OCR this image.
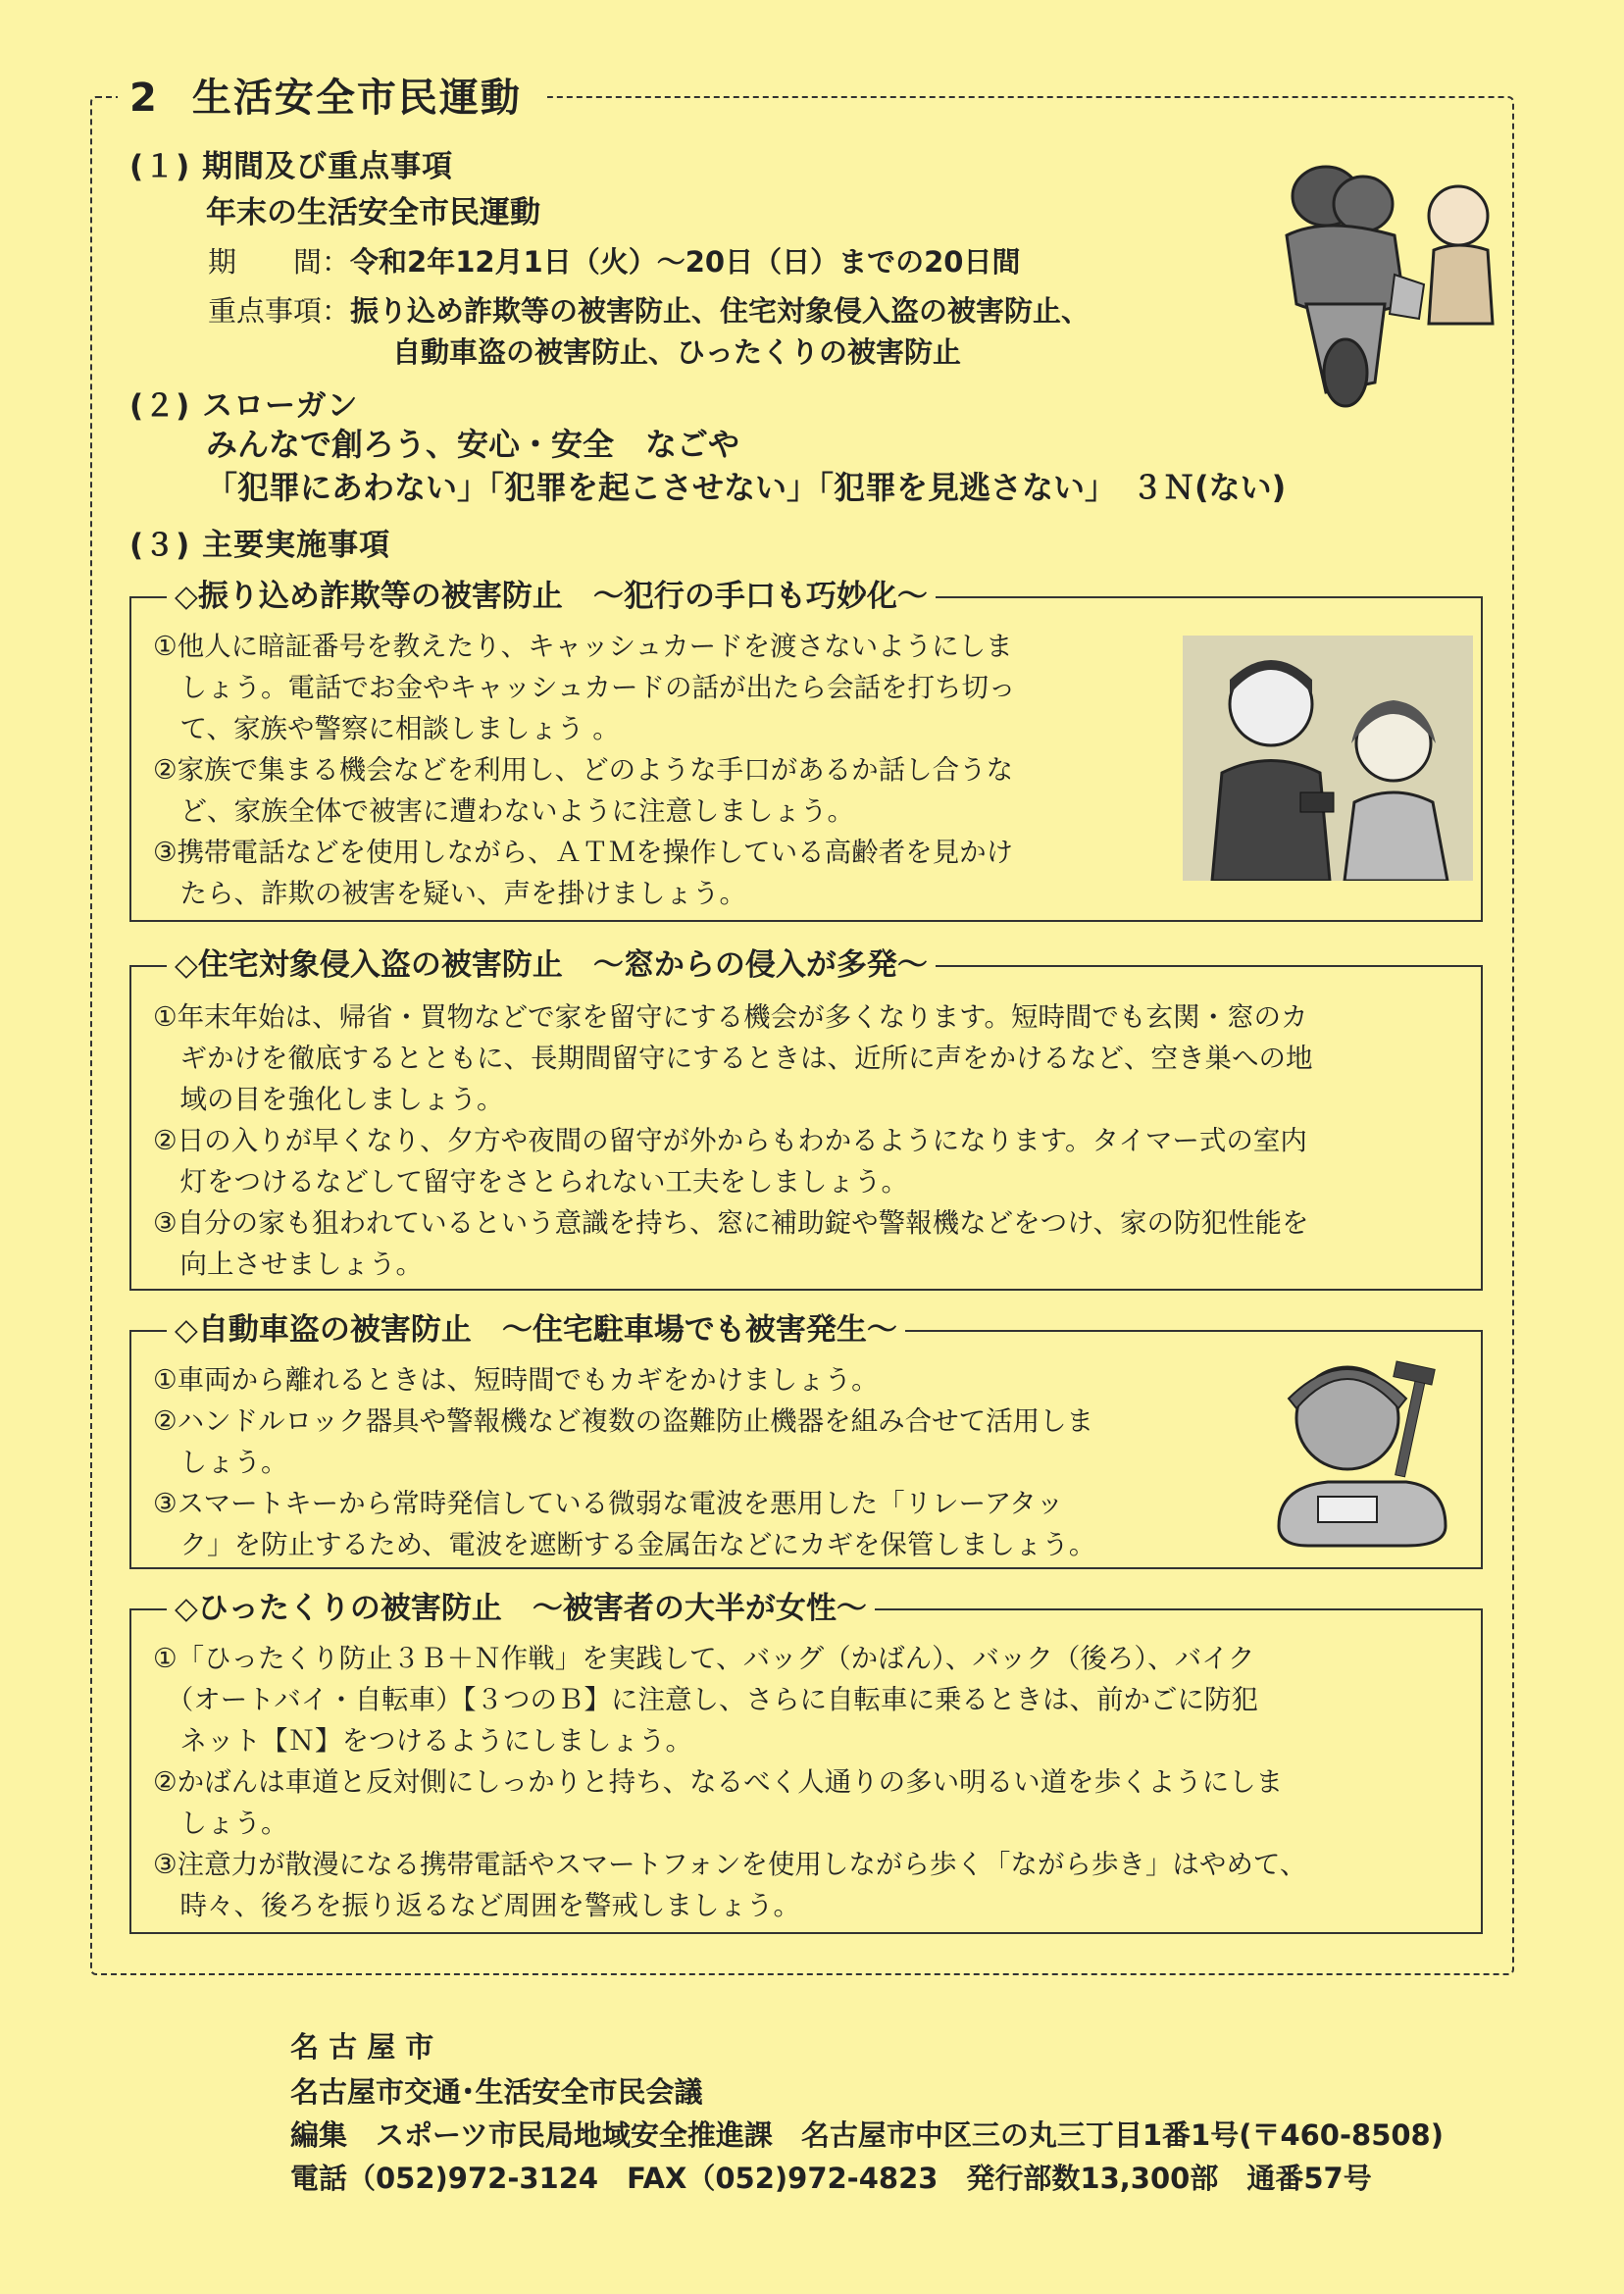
2 生活安全市民運動
(１) 期間及び重点事項
年末の生活安全市民運動
期　　間：令和2年12月1日（火）～20日（日）までの20日間
重点事項：振り込め詐欺等の被害防止、住宅対象侵入盗の被害防止、
自動車盗の被害防止、ひったくりの被害防止
(２) スローガン
みんなで創ろう、安心・安全　なごや
「犯罪にあわない」「犯罪を起こさせない」「犯罪を見逃さない」　３Ｎ(ない)
(３) 主要実施事項
◇振り込め詐欺等の被害防止　～犯行の手口も巧妙化～
①他人に暗証番号を教えたり、キャッシュカードを渡さないようにしま
　しょう。電話でお金やキャッシュカードの話が出たら会話を打ち切っ
　て、家族や警察に相談しましょう 。
②家族で集まる機会などを利用し、どのような手口があるか話し合うな
　ど、家族全体で被害に遭わないように注意しましょう。
③携帯電話などを使用しながら、ＡＴＭを操作している高齢者を見かけ
　たら、詐欺の被害を疑い、声を掛けましょう。
◇住宅対象侵入盗の被害防止　～窓からの侵入が多発～
①年末年始は、帰省・買物などで家を留守にする機会が多くなります。短時間でも玄関・窓のカ
　ギかけを徹底するとともに、長期間留守にするときは、近所に声をかけるなど、空き巣への地
　域の目を強化しましょう。
②日の入りが早くなり、夕方や夜間の留守が外からもわかるようになります。タイマー式の室内
　灯をつけるなどして留守をさとられない工夫をしましょう。
③自分の家も狙われているという意識を持ち、窓に補助錠や警報機などをつけ、家の防犯性能を
　向上させましょう。
◇自動車盗の被害防止　～住宅駐車場でも被害発生～
①車両から離れるときは、短時間でもカギをかけましょう。
②ハンドルロック器具や警報機など複数の盗難防止機器を組み合せて活用しま
　しょう。
③スマートキーから常時発信している微弱な電波を悪用した「リレーアタッ
　ク」を防止するため、電波を遮断する金属缶などにカギを保管しましょう。
◇ひったくりの被害防止　～被害者の大半が女性～
①「ひったくり防止３Ｂ＋Ｎ作戦」を実践して、バッグ（かばん）、バック（後ろ）、バイク
　（オートバイ・自転車）【３つのＢ】に注意し、さらに自転車に乗るときは、前かごに防犯
　ネット【Ｎ】をつけるようにしましょう。
②かばんは車道と反対側にしっかりと持ち、なるべく人通りの多い明るい道を歩くようにしま
　しょう。
③注意力が散漫になる携帯電話やスマートフォンを使用しながら歩く「ながら歩き」はやめて、
　時々、後ろを振り返るなど周囲を警戒しましょう。
名 古 屋 市
名古屋市交通･生活安全市民会議
編集　スポーツ市民局地域安全推進課　名古屋市中区三の丸三丁目1番1号(〒460-8508)
電話（052)972-3124　FAX（052)972-4823　発行部数13,300部　通番57号
